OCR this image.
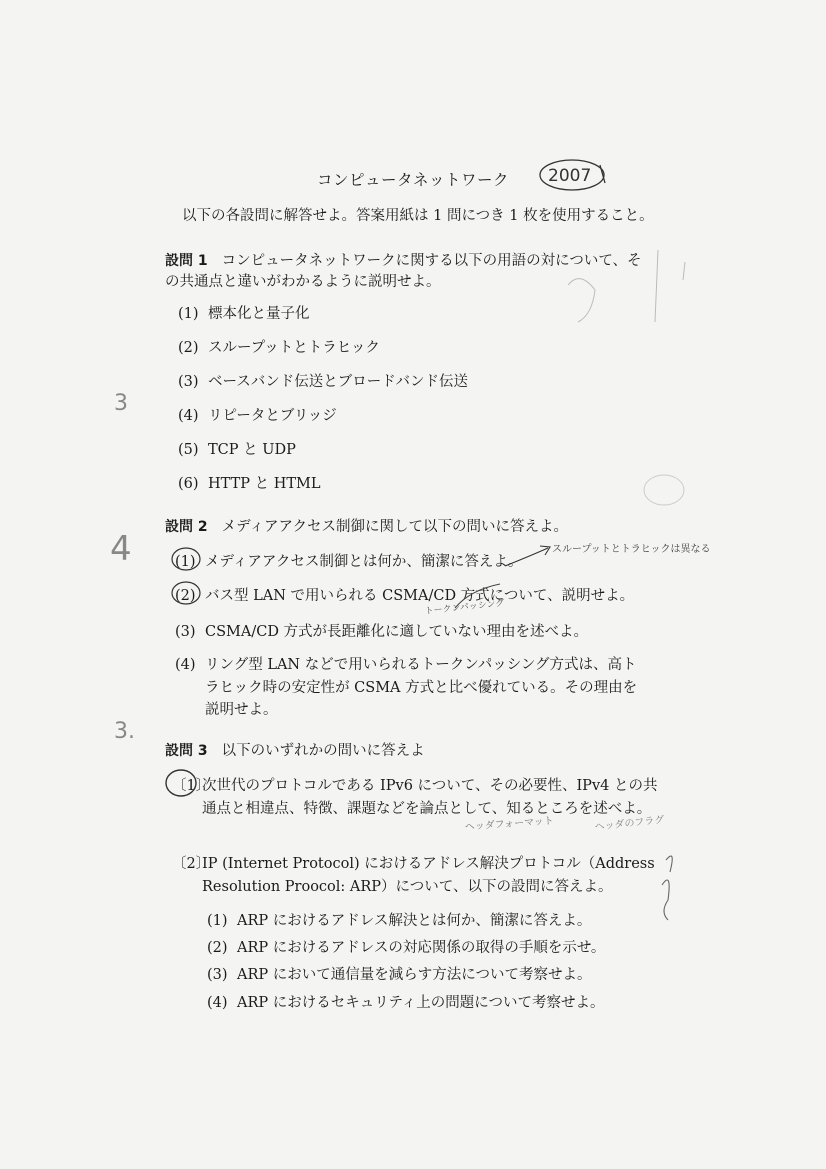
コンピュータネットワーク
以下の各設問に解答せよ。答案用紙は 1 問につき 1 枚を使用すること。
設問 1 コンピュータネットワークに関する以下の用語の対について、そ
の共通点と違いがわかるように説明せよ。
(1) 標本化と量子化
(2) スループットとトラヒック
(3) ベースバンド伝送とブロードバンド伝送
(4) リピータとブリッジ
(5) TCP と UDP
(6) HTTP と HTML
設問 2 メディアアクセス制御に関して以下の問いに答えよ。
(1) メディアアクセス制御とは何か、簡潔に答えよ。
(2) バス型 LAN で用いられる CSMA/CD 方式について、説明せよ。
(3) CSMA/CD 方式が長距離化に適していない理由を述べよ。
(4) リング型 LAN などで用いられるトークンパッシング方式は、高ト
ラヒック時の安定性が CSMA 方式と比べ優れている。その理由を
説明せよ。
設問 3 以下のいずれかの問いに答えよ
〔1〕次世代のプロトコルである IPv6 について、その必要性、IPv4 との共
通点と相違点、特徴、課題などを論点として、知るところを述べよ。
〔2〕IP (Internet Protocol) におけるアドレス解決プロトコル（Address
Resolution Proocol: ARP）について、以下の設問に答えよ。
(1) ARP におけるアドレス解決とは何か、簡潔に答えよ。
(2) ARP におけるアドレスの対応関係の取得の手順を示せ。
(3) ARP において通信量を減らす方法について考察せよ。
(4) ARP におけるセキュリティ上の問題について考察せよ。
2007
3
4
3.
スループットとトラヒックは異なる
トークンパッシング
ヘッダフォーマット	ヘッダのフラグ
